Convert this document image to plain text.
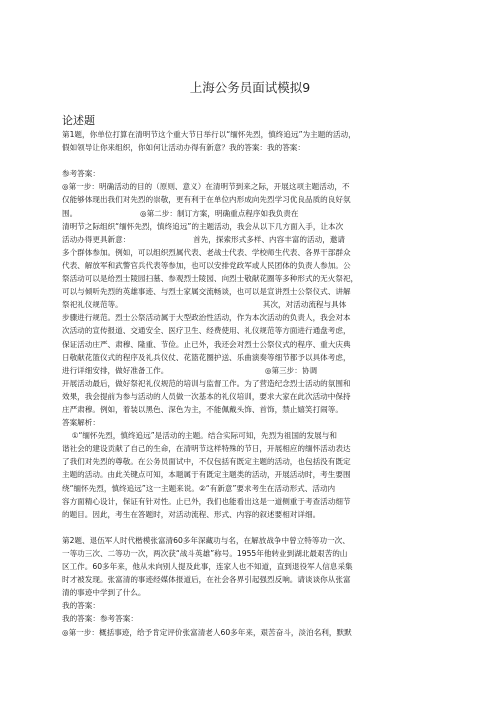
上海公务员面试模拟9
论述题
第1题，你单位打算在清明节这个重大节日举行以“缅怀先烈，慎终追远”为主题的活动，
假如领导让你来组织，你如何让活动办得有新意？我的答案：我的答案：
参考答案：
◎第一步：明确活动的目的（原则、意义）在清明节到来之际，开展这项主题活动，不
仅能够体现出我们对先烈的崇敬，更有利于在单位内形成向先烈学习优良品质的良好氛
围。                          ◎第二步：制订方案，明确重点程序如我负责在
清明节之际组织“缅怀先烈，慎终追远”的主题活动，我会从以下几方面入手，让本次
活动办得更具新意：                          首先，探索形式多样、内容丰富的活动，邀请
多个群体参加。例如，可以组织烈属代表、老战士代表、学校师生代表、各界干部群众
代表、解放军和武警官兵代表等参加，也可以安排党政军或人民团体的负责人参加。公
祭活动可以是给烈士陵园扫墓、参观烈士陵园、向烈士敬献花圈等多种形式的无火祭祀，
可以与倾听先烈的英雄事迹、与烈士家属交流畅谈，也可以是宣讲烈士公祭仪式、讲解
祭祀礼仪规范等。                                                          其次，对活动流程与具体
步骤进行规范。烈士公祭活动属于大型政治性活动，作为本次活动的负责人，我会对本
次活动的宣传报道、交通安全、医疗卫生、经费使用、礼仪规范等方面进行通盘考虑，
保证活动庄严、肃穆、隆重、节俭。止已外，我还会对烈士公祭仪式的程序、重大庆典
日敬献花篮仪式的程序及礼兵仪仗、花篮花圈护送、乐曲演奏等细节都予以具体考虑，
进行详细安排，做好准备工作。                                        ◎第三步：协调
开展活动最后，做好祭祀礼仪规范的培训与监督工作。为了营造纪念烈士活动的氛围和
效果，我会提前为参与活动的人员做一次基本的礼仪培训，要求大家在此次活动中保持
庄严肃穆。例如，着装以黑色、深色为主，不能佩戴头饰、首饰，禁止嬉笑打闹等。
答案解析：
①“缅怀先烈，慎终追远”是活动的主题。结合实际可知，先烈为祖国的发展与和
谐社会的建设贡献了自己的生命，在清明节这样特殊的节日，开展相应的缅怀活动表达
了我们对先烈的尊敬。在公务员面试中，不仅包括有既定主题的活动，也包括没有既定
主题的活动。由此关键点可知，本题属于有既定主题类的活动，开展活动时，考生要围
绕“缅怀先烈，慎终追远”这一主题来说。②“有新意”要求考生在活动形式、活动内
容方面精心设计，保证有针对性。止已外，我们也能看出这是一道侧重于考查活动细节
的题目。因此，考生在答题时，对活动流程、形式、内容的叙述要相对详细。
第2题、退伍军人时代楷模张富清60多年深藏功与名，在解放战争中曾立特等功一次、
一等功三次、二等功一次，两次获“战斗英雄”称号。1955年他转业到湖北最艰苦的山
区工作。60多年来，他从未向别人提及此事，连家人也不知道，直到退役军人信息采集
时才被发现。张富清的事迹经媒体报道后，在社会各界引起强烈反响。请谈谈你从张富
清的事迹中学到了什么。
我的答案：
我的答案：参考答案：
◎第一步：概括事迹，给予肯定评价张富清老人60多年来，艰苦奋斗，淡泊名利，默默
